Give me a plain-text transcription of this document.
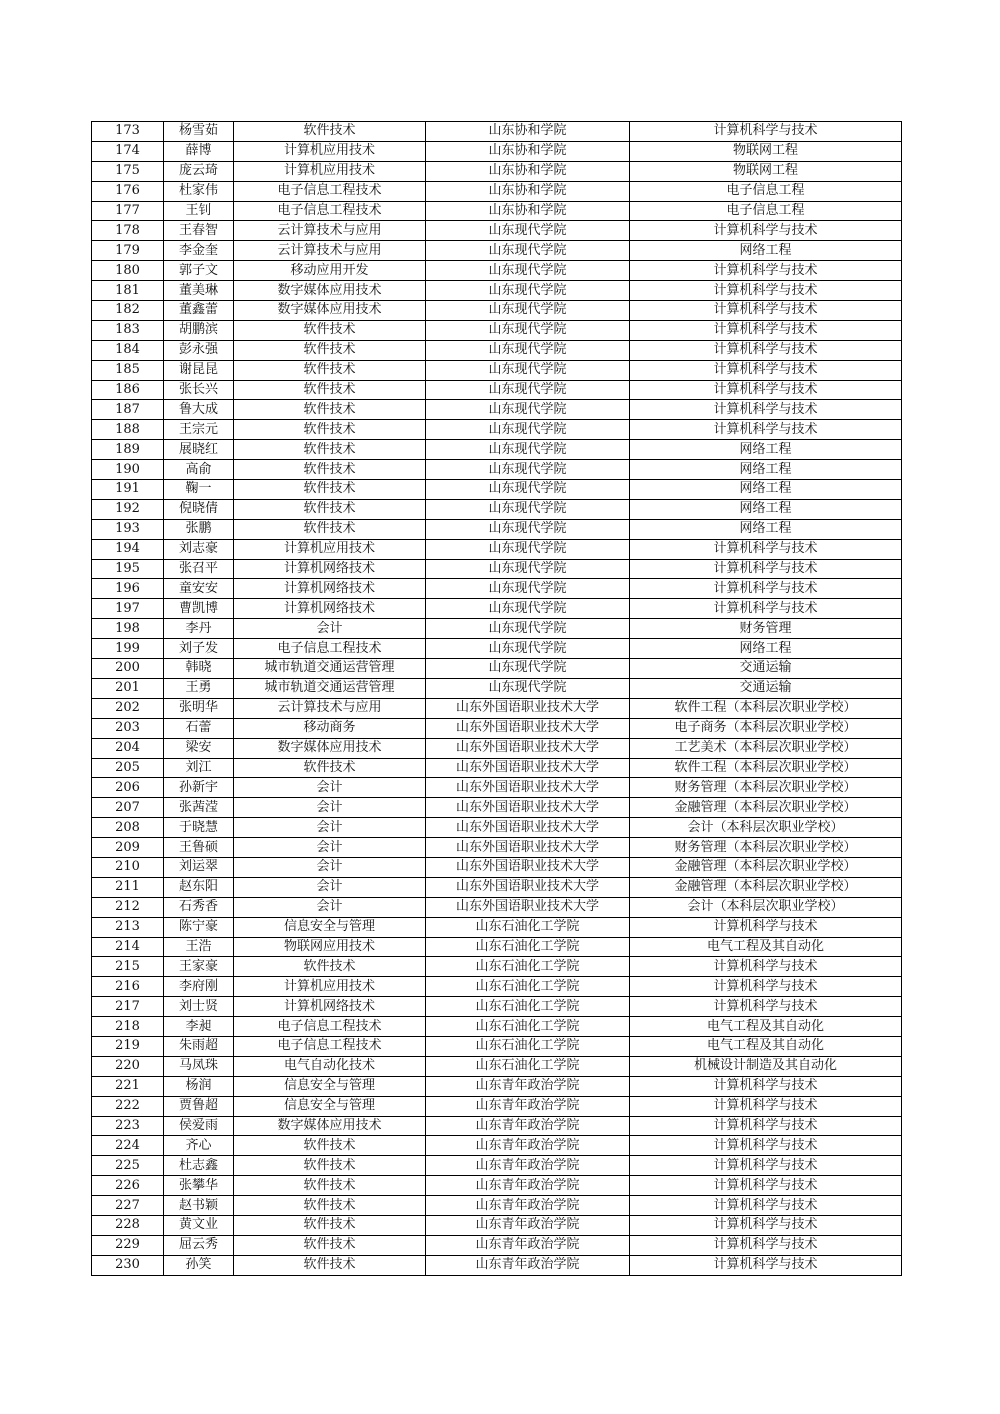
173	杨雪茹	软件技术	山东协和学院	计算机科学与技术
174	薛博	计算机应用技术	山东协和学院	物联网工程
175	庞云琦	计算机应用技术	山东协和学院	物联网工程
176	杜家伟	电子信息工程技术	山东协和学院	电子信息工程
177	王钊	电子信息工程技术	山东协和学院	电子信息工程
178	王春智	云计算技术与应用	山东现代学院	计算机科学与技术
179	李金奎	云计算技术与应用	山东现代学院	网络工程
180	郭子文	移动应用开发	山东现代学院	计算机科学与技术
181	董美琳	数字媒体应用技术	山东现代学院	计算机科学与技术
182	董鑫蕾	数字媒体应用技术	山东现代学院	计算机科学与技术
183	胡鹏滨	软件技术	山东现代学院	计算机科学与技术
184	彭永强	软件技术	山东现代学院	计算机科学与技术
185	谢昆昆	软件技术	山东现代学院	计算机科学与技术
186	张长兴	软件技术	山东现代学院	计算机科学与技术
187	鲁大成	软件技术	山东现代学院	计算机科学与技术
188	王宗元	软件技术	山东现代学院	计算机科学与技术
189	展晓红	软件技术	山东现代学院	网络工程
190	高俞	软件技术	山东现代学院	网络工程
191	鞠一	软件技术	山东现代学院	网络工程
192	倪晓倩	软件技术	山东现代学院	网络工程
193	张鹏	软件技术	山东现代学院	网络工程
194	刘志豪	计算机应用技术	山东现代学院	计算机科学与技术
195	张召平	计算机网络技术	山东现代学院	计算机科学与技术
196	童安安	计算机网络技术	山东现代学院	计算机科学与技术
197	曹凯博	计算机网络技术	山东现代学院	计算机科学与技术
198	李丹	会计	山东现代学院	财务管理
199	刘子发	电子信息工程技术	山东现代学院	网络工程
200	韩晓	城市轨道交通运营管理	山东现代学院	交通运输
201	王勇	城市轨道交通运营管理	山东现代学院	交通运输
202	张明华	云计算技术与应用	山东外国语职业技术大学	软件工程（本科层次职业学校）
203	石蕾	移动商务	山东外国语职业技术大学	电子商务（本科层次职业学校）
204	梁安	数字媒体应用技术	山东外国语职业技术大学	工艺美术（本科层次职业学校）
205	刘江	软件技术	山东外国语职业技术大学	软件工程（本科层次职业学校）
206	孙新宇	会计	山东外国语职业技术大学	财务管理（本科层次职业学校）
207	张茜滢	会计	山东外国语职业技术大学	金融管理（本科层次职业学校）
208	于晓慧	会计	山东外国语职业技术大学	会计（本科层次职业学校）
209	王鲁硕	会计	山东外国语职业技术大学	财务管理（本科层次职业学校）
210	刘运翠	会计	山东外国语职业技术大学	金融管理（本科层次职业学校）
211	赵东阳	会计	山东外国语职业技术大学	金融管理（本科层次职业学校）
212	石秀香	会计	山东外国语职业技术大学	会计（本科层次职业学校）
213	陈宁豪	信息安全与管理	山东石油化工学院	计算机科学与技术
214	王浩	物联网应用技术	山东石油化工学院	电气工程及其自动化
215	王家豪	软件技术	山东石油化工学院	计算机科学与技术
216	李府刚	计算机应用技术	山东石油化工学院	计算机科学与技术
217	刘士贤	计算机网络技术	山东石油化工学院	计算机科学与技术
218	李昶	电子信息工程技术	山东石油化工学院	电气工程及其自动化
219	朱雨超	电子信息工程技术	山东石油化工学院	电气工程及其自动化
220	马凤珠	电气自动化技术	山东石油化工学院	机械设计制造及其自动化
221	杨润	信息安全与管理	山东青年政治学院	计算机科学与技术
222	贾鲁超	信息安全与管理	山东青年政治学院	计算机科学与技术
223	侯爱雨	数字媒体应用技术	山东青年政治学院	计算机科学与技术
224	齐心	软件技术	山东青年政治学院	计算机科学与技术
225	杜志鑫	软件技术	山东青年政治学院	计算机科学与技术
226	张攀华	软件技术	山东青年政治学院	计算机科学与技术
227	赵书颖	软件技术	山东青年政治学院	计算机科学与技术
228	黄文业	软件技术	山东青年政治学院	计算机科学与技术
229	屈云秀	软件技术	山东青年政治学院	计算机科学与技术
230	孙笑	软件技术	山东青年政治学院	计算机科学与技术
